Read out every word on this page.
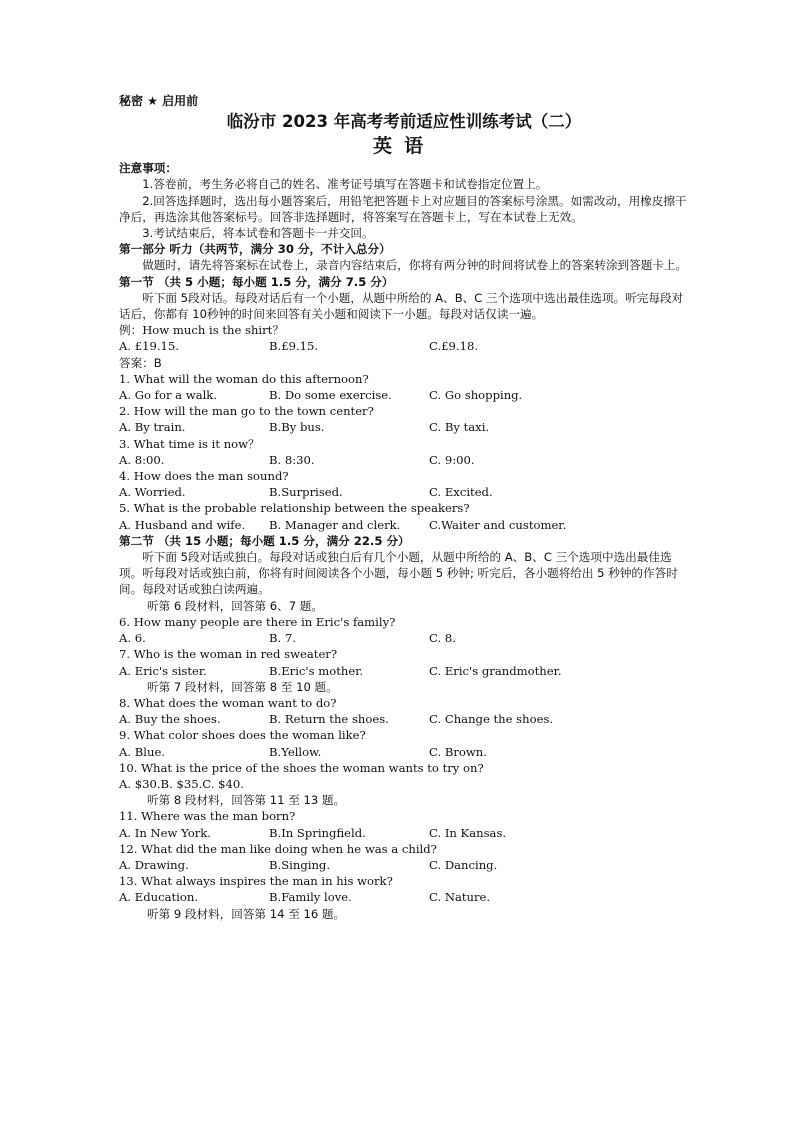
秘密 ★ 启用前
临汾市 2023 年高考考前适应性训练考试（二）
英语
注意事项：

1.答卷前，考生务必将自己的姓名、准考证号填写在答题卡和试卷指定位置上。

2.回答选择题时，选出每小题答案后，用铅笔把答题卡上对应题目的答案标号涂黑。如需改动，用橡皮擦干净后，再选涂其他答案标号。回答非选择题时，将答案写在答题卡上，写在本试卷上无效。

3.考试结束后，将本试卷和答题卡一并交回。

第一部分 听力（共两节，满分 30 分，不计入总分）

做题时，请先将答案标在试卷上，录音内容结束后，你将有两分钟的时间将试卷上的答案转涂到答题卡上。

第一节 （共 5 小题；每小题 1.5 分，满分 7.5 分）

听下面 5段对话。每段对话后有一个小题，从题中所给的 A、B、C 三个选项中选出最佳选项。听完每段对话后，你都有 10秒钟的时间来回答有关小题和阅读下一小题。每段对话仅读一遍。

例：How much is the shirt？

A. £19.15.	B.£9.15.	C.£9.18.

答案：B

1. What will the woman do this afternoon?

A. Go for a walk.	B. Do some exercise.	C. Go shopping.

2. How will the man go to the town center?

A. By train.	B.By bus.	C. By taxi.

3. What time is it now？

A. 8:00.	B. 8:30.	C. 9:00.

4. How does the man sound?

A. Worried.	B.Surprised.	C. Excited.

5. What is the probable relationship between the speakers?

A. Husband and wife.	B. Manager and clerk.	C.Waiter and customer.
第二节 （共 15 小题；每小题 1.5 分，满分 22.5 分）

听下面 5段对话或独白。每段对话或独白后有几个小题，从题中所给的 A、B、C 三个选项中选出最佳选项。听每段对话或独白前，你将有时间阅读各个小题，每小题 5 秒钟; 听完后，各小题将给出 5 秒钟的作答时间。每段对话或独白读两遍。

听第 6 段材料，回答第 6、7 题。

6. How many people are there in Eric's family?

A. 6.	B. 7.	C. 8.

7. Who is the woman in red sweater?

A. Eric's sister.	B.Eric's mother.	C. Eric's grandmother.

听第 7 段材料，回答第 8 至 10 题。

8. What does the woman want to do?

A. Buy the shoes.	B. Return the shoes.	C. Change the shoes.

9. What color shoes does the woman like?

A. Blue.	B.Yellow.	C. Brown.

10. What is the price of the shoes the woman wants to try on?

A. $30.B. $35.C. $40.

听第 8 段材料，回答第 11 至 13 题。

11. Where was the man born?

A. In New York.	B.In Springfield.	C. In Kansas.

12. What did the man like doing when he was a child?

A. Drawing.	B.Singing.	C. Dancing.

13. What always inspires the man in his work?

A. Education.	B.Family love.	C. Nature.

听第 9 段材料，回答第 14 至 16 题。
